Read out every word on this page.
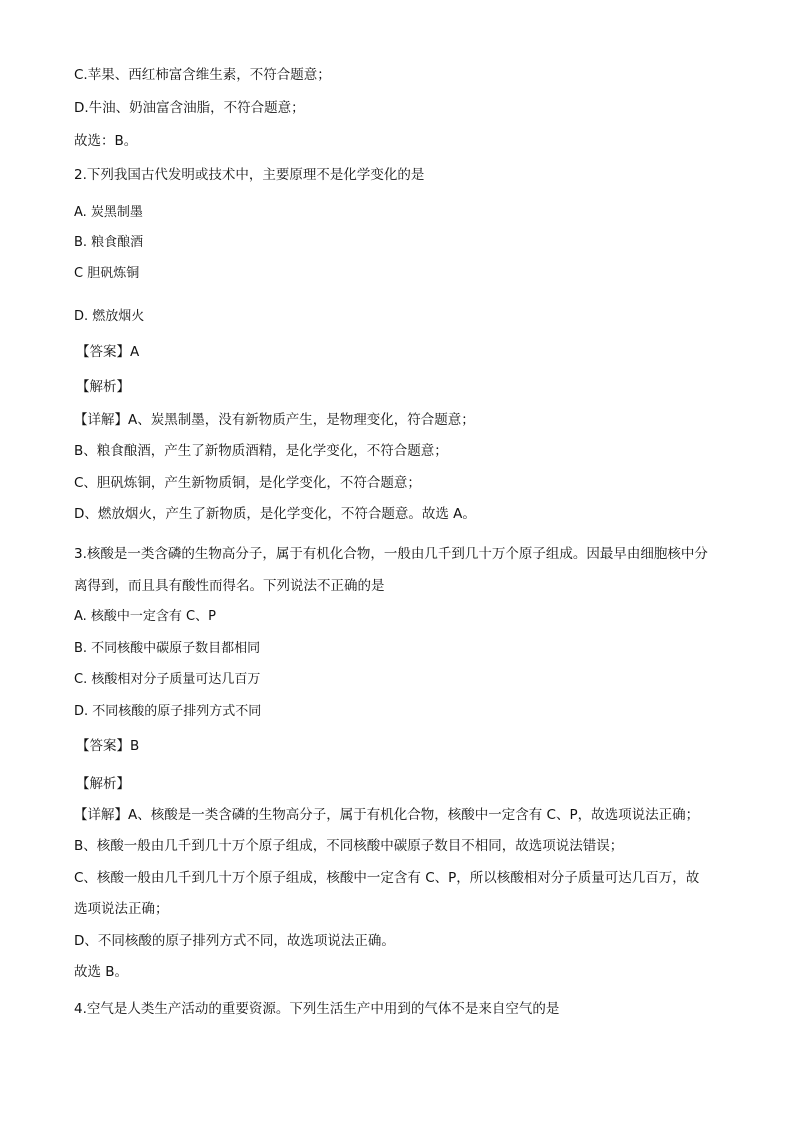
C.苹果、西红柿富含维生素，不符合题意；
D.牛油、奶油富含油脂，不符合题意；
故选：B。
2.下列我国古代发明或技术中，主要原理不是化学变化的是
A. 炭黑制墨
B. 粮食酿酒
C 胆矾炼铜
D. 燃放烟火
【答案】A
【解析】
【详解】A、炭黑制墨，没有新物质产生，是物理变化，符合题意；
B、粮食酿酒，产生了新物质酒精，是化学变化，不符合题意；
C、胆矾炼铜，产生新物质铜，是化学变化，不符合题意；
D、燃放烟火，产生了新物质，是化学变化，不符合题意。故选 A。
3.核酸是一类含磷的生物高分子，属于有机化合物，一般由几千到几十万个原子组成。因最早由细胞核中分
离得到，而且具有酸性而得名。下列说法不正确的是
A. 核酸中一定含有 C、P
B. 不同核酸中碳原子数目都相同
C. 核酸相对分子质量可达几百万
D. 不同核酸的原子排列方式不同
【答案】B
【解析】
【详解】A、核酸是一类含磷的生物高分子，属于有机化合物，核酸中一定含有 C、P，故选项说法正确；
B、核酸一般由几千到几十万个原子组成，不同核酸中碳原子数目不相同，故选项说法错误；
C、核酸一般由几千到几十万个原子组成，核酸中一定含有 C、P，所以核酸相对分子质量可达几百万，故
选项说法正确；
D、不同核酸的原子排列方式不同，故选项说法正确。
故选 B。
4.空气是人类生产活动的重要资源。下列生活生产中用到的气体不是来自空气的是
